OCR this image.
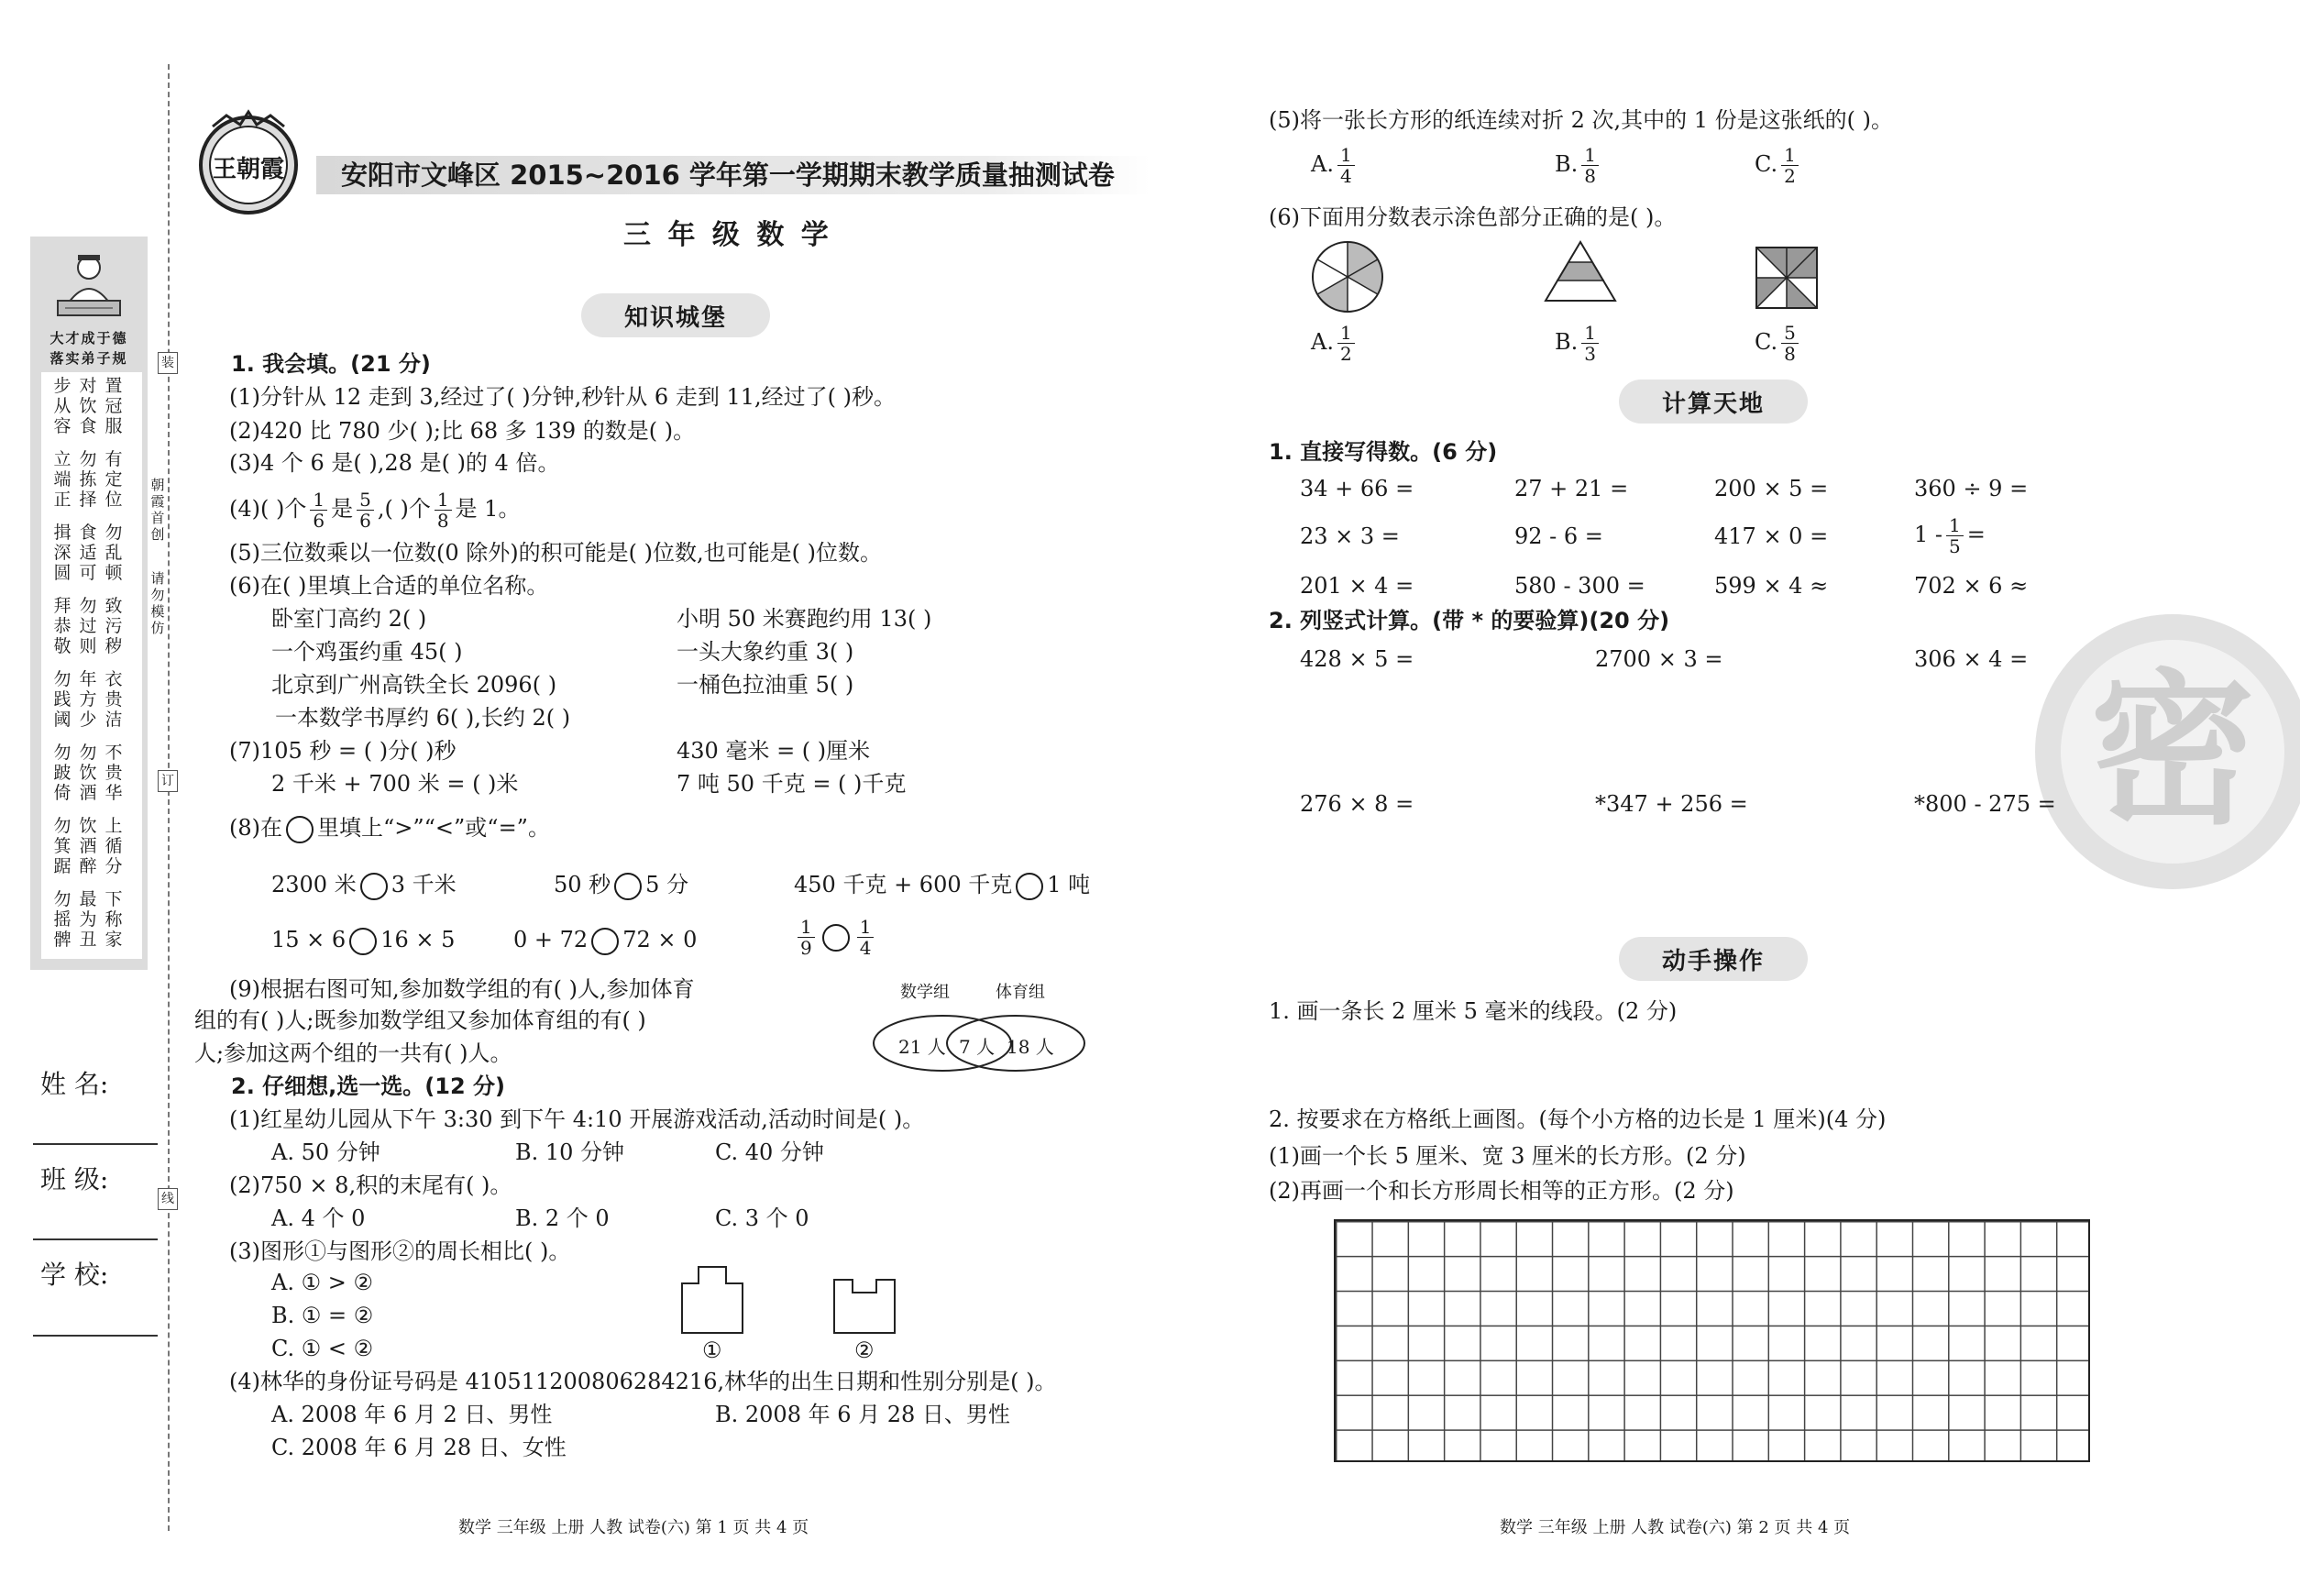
装
订
线
朝霞首创
请勿模仿
大才成于德
落实弟子规
步从容
对饮食
置冠服
立端正
勿拣择
有定位
揖深圆
食适可
勿乱顿
拜恭敬
勿过则
致污秽
勿践阈
年方少
衣贵洁
勿跛倚
勿饮酒
不贵华
勿箕踞
饮酒醉
上循分
勿摇髀
最为丑
下称家
姓 名:
班 级:
学 校:
王朝霞	安阳市文峰区 2015~2016 学年第一学期期末教学质量抽测试卷
三 年 级 数 学
知识城堡
1. 我会填。(21 分)
(1)分针从 12 走到 3,经过了( )分钟,秒针从 6 走到 11,经过了( )秒。
(2)420 比 780 少( );比 68 多 139 的数是( )。
(3)4 个 6 是( ),28 是( )的 4 倍。
(4)( )个 $\frac{1}{6}$ 是 $\frac{5}{6}$ ,( )个 $\frac{1}{8}$ 是 1。
(5)三位数乘以一位数(0 除外)的积可能是( )位数,也可能是( )位数。
(6)在( )里填上合适的单位名称。
卧室门高约 2( )	小明 50 米赛跑约用 13( )
一个鸡蛋约重 45( )	一头大象约重 3( )
北京到广州高铁全长 2096( )	一桶色拉油重 5( )
一本数学书厚约 6( ),长约 2( )
(7)105 秒 = ( )分( )秒	430 毫米 = ( )厘米
2 千米 + 700 米 = ( )米	7 吨 50 千克 = ( )千克
(8)在 里填上“>”“<”或“=”。
2300 米 3 千米	50 秒 5 分	450 千克 + 600 千克 1 吨
15 × 6 16 × 5	0 + 72 72 × 0	$\frac{1}{9} \frac{1}{4}$
(9)根据右图可知,参加数学组的有( )人,参加体育
组的有( )人;既参加数学组又参加体育组的有( )
人;参加这两个组的一共有( )人。
数学组	体育组
21 人 7 人 18 人
2. 仔细想,选一选。(12 分)
(1)红星幼儿园从下午 3:30 到下午 4:10 开展游戏活动,活动时间是( )。
A. 50 分钟	B. 10 分钟	C. 40 分钟
(2)750 × 8,积的末尾有( )。
A. 4 个 0	B. 2 个 0	C. 3 个 0
(3)图形①与图形②的周长相比( )。
A. ① > ②
B. ① = ②
C. ① < ②	①	②
(4)林华的身份证号码是 410511200806284216,林华的出生日期和性别分别是( )。
A. 2008 年 6 月 2 日、男性	B. 2008 年 6 月 28 日、男性
C. 2008 年 6 月 28 日、女性
数学 三年级 上册 人教 试卷(六) 第 1 页 共 4 页
密
(5)将一张长方形的纸连续对折 2 次,其中的 1 份是这张纸的( )。
A. $\frac{1}{4}$	B. $\frac{1}{8}$	C. $\frac{1}{2}$
(6)下面用分数表示涂色部分正确的是( )。
A. $\frac{1}{2}$	B. $\frac{1}{3}$	C. $\frac{5}{8}$
计算天地
1. 直接写得数。(6 分)
34 + 66 =	27 + 21 =	200 × 5 =	360 ÷ 9 =
23 × 3 =	92 - 6 =	417 × 0 =	$1 - \frac{1}{5}$ =
201 × 4 =	580 - 300 =	599 × 4 ≈	702 × 6 ≈
2. 列竖式计算。(带 * 的要验算)(20 分)
428 × 5 =	2700 × 3 =	306 × 4 =
276 × 8 =	*347 + 256 =	*800 - 275 =
动手操作
1. 画一条长 2 厘米 5 毫米的线段。(2 分)
2. 按要求在方格纸上画图。(每个小方格的边长是 1 厘米)(4 分)
(1)画一个长 5 厘米、宽 3 厘米的长方形。(2 分)
(2)再画一个和长方形周长相等的正方形。(2 分)
数学 三年级 上册 人教 试卷(六) 第 2 页 共 4 页
